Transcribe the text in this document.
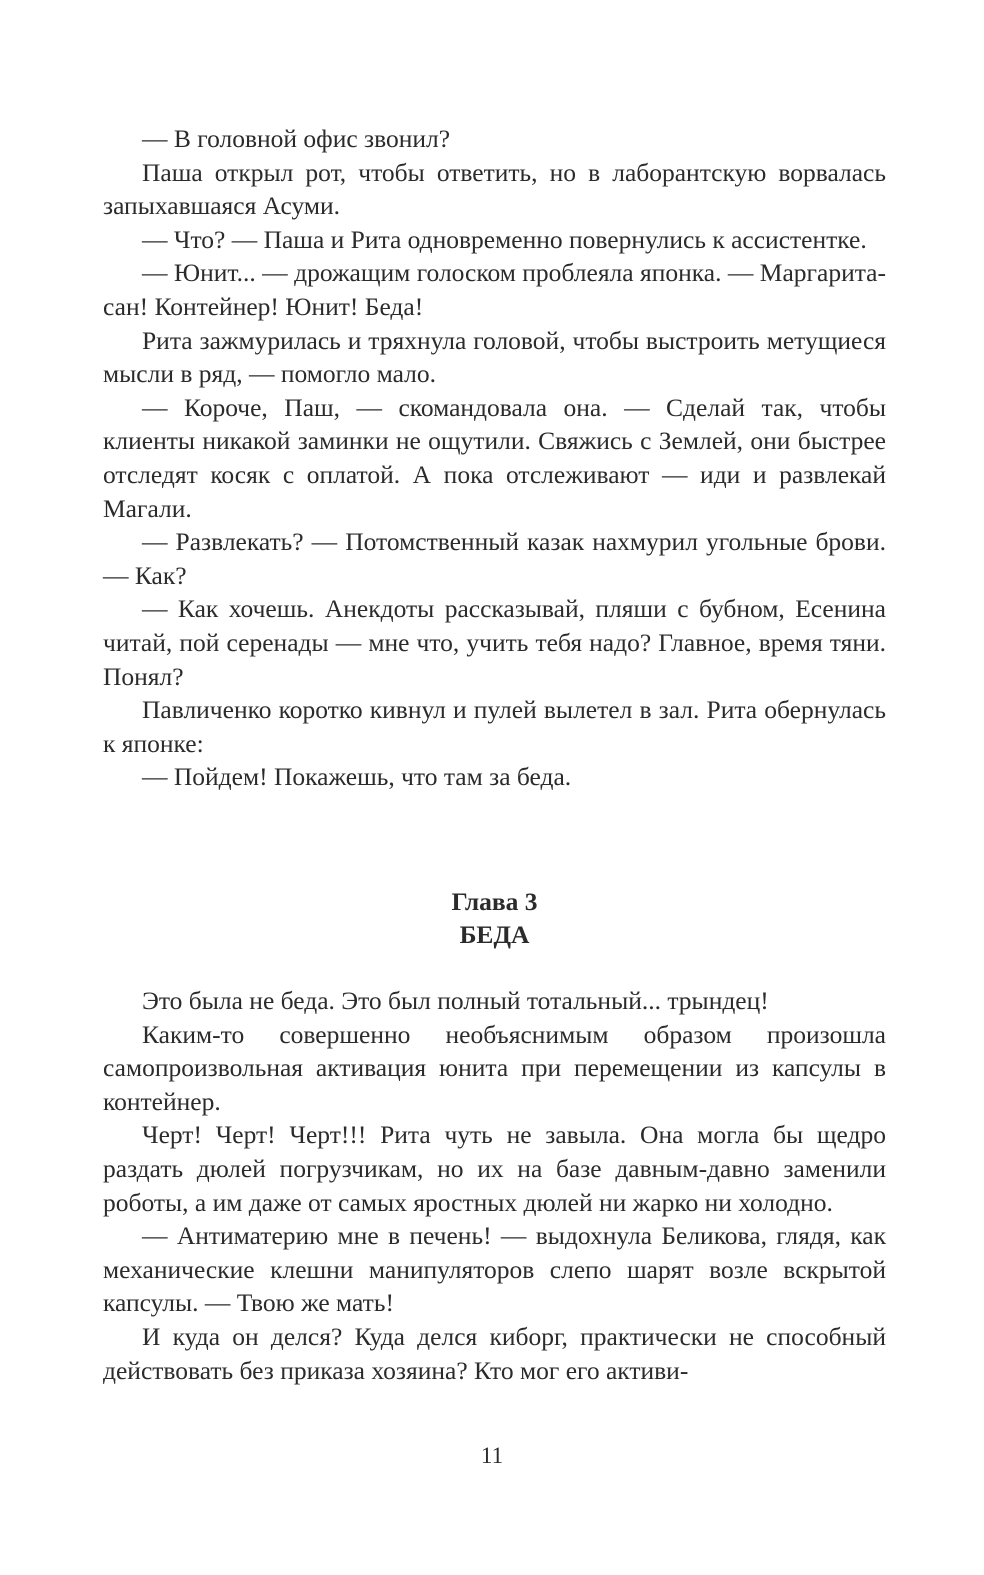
— В головной офис звонил?

Паша открыл рот, чтобы ответить, но в лаборантскую ворвалась запыхавшаяся Асуми.

— Что? — Паша и Рита одновременно повернулись к ассистентке.

— Юнит... — дрожащим голоском проблеяла японка. — Маргарита-сан! Контейнер! Юнит! Беда!

Рита зажмурилась и тряхнула головой, чтобы выстроить метущиеся мысли в ряд, — помогло мало.

— Короче, Паш, — скомандовала она. — Сделай так, чтобы клиенты никакой заминки не ощутили. Свяжись с Землей, они быстрее отследят косяк с оплатой. А пока отслеживают — иди и развлекай Магали.

— Развлекать? — Потомственный казак нахмурил угольные брови. — Как?

— Как хочешь. Анекдоты рассказывай, пляши с бубном, Есенина читай, пой серенады — мне что, учить тебя надо? Главное, время тяни. Понял?

Павличенко коротко кивнул и пулей вылетел в зал. Рита обернулась к японке:

— Пойдем! Покажешь, что там за беда.

Глава 3
БЕДА

Это была не беда. Это был полный тотальный... трындец!

Каким-то совершенно необъяснимым образом произошла самопроизвольная активация юнита при перемещении из капсулы в контейнер.

Черт! Черт! Черт!!! Рита чуть не завыла. Она могла бы щедро раздать дюлей погрузчикам, но их на базе давным-давно заменили роботы, а им даже от самых яростных дюлей ни жарко ни холодно.

— Антиматерию мне в печень! — выдохнула Беликова, глядя, как механические клешни манипуляторов слепо шарят возле вскрытой капсулы. — Твою же мать!

И куда он делся? Куда делся киборг, практически не способный действовать без приказа хозяина? Кто мог его активи-

11
